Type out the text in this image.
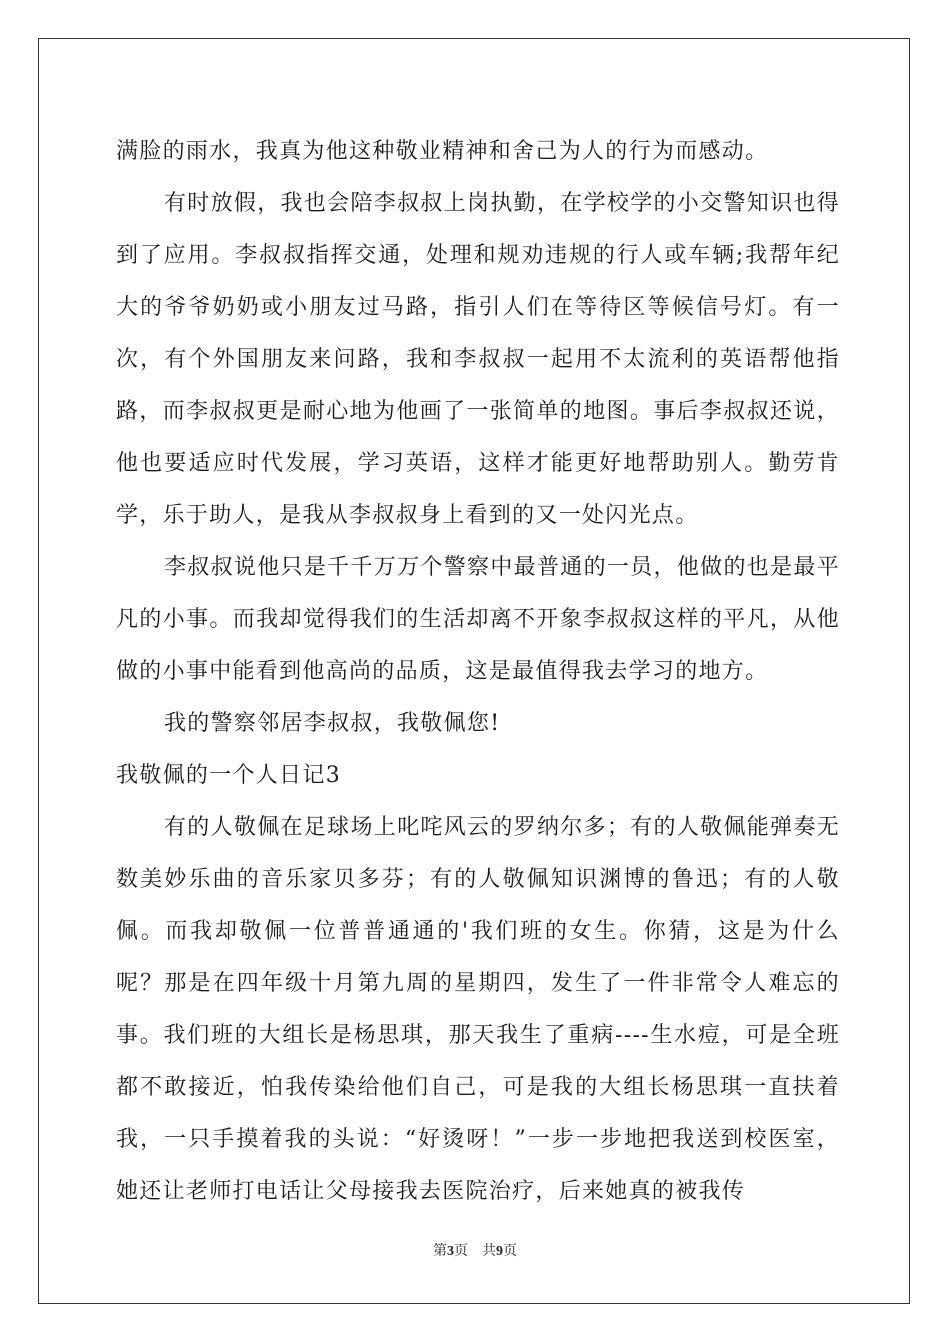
满脸的雨水，我真为他这种敬业精神和舍己为人的行为而感动。

有时放假，我也会陪李叔叔上岗执勤，在学校学的小交警知识也得到了应用。李叔叔指挥交通，处理和规劝违规的行人或车辆;我帮年纪大的爷爷奶奶或小朋友过马路，指引人们在等待区等候信号灯。有一次，有个外国朋友来问路，我和李叔叔一起用不太流利的英语帮他指路，而李叔叔更是耐心地为他画了一张简单的地图。事后李叔叔还说，他也要适应时代发展，学习英语，这样才能更好地帮助别人。勤劳肯学，乐于助人，是我从李叔叔身上看到的又一处闪光点。

李叔叔说他只是千千万万个警察中最普通的一员，他做的也是最平凡的小事。而我却觉得我们的生活却离不开象李叔叔这样的平凡，从他做的小事中能看到他高尚的品质，这是最值得我去学习的地方。

我的警察邻居李叔叔，我敬佩您!

我敬佩的一个人日记3

有的人敬佩在足球场上叱咤风云的罗纳尔多；有的人敬佩能弹奏无数美妙乐曲的音乐家贝多芬；有的人敬佩知识渊博的鲁迅；有的人敬佩。而我却敬佩一位普普通通的'我们班的女生。你猜，这是为什么呢？那是在四年级十月第九周的星期四，发生了一件非常令人难忘的事。我们班的大组长是杨思琪，那天我生了重病----生水痘，可是全班都不敢接近，怕我传染给他们自己，可是我的大组长杨思琪一直扶着我，一只手摸着我的头说：“好烫呀！”一步一步地把我送到校医室，她还让老师打电话让父母接我去医院治疗，后来她真的被我传

第3页　共9页
